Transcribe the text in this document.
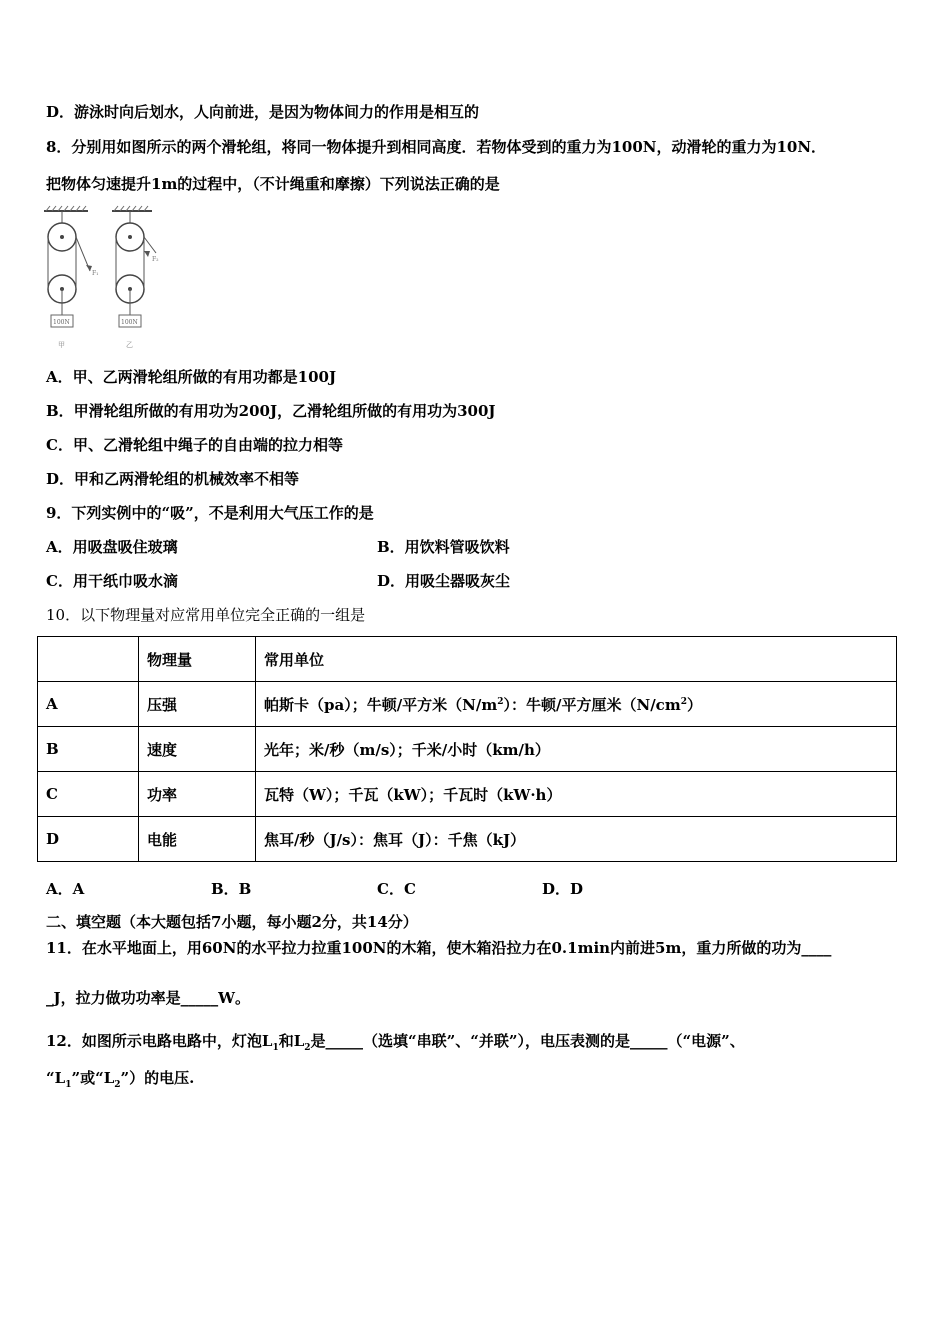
D．游泳时向后划水，人向前进，是因为物体间力的作用是相互的
8．分别用如图所示的两个滑轮组，将同一物体提升到相同高度．若物体受到的重力为100N，动滑轮的重力为10N．
把物体匀速提升1m的过程中，（不计绳重和摩擦）下列说法正确的是
F₁
100N
甲
F₂
100N
乙
A．甲、乙两滑轮组所做的有用功都是100J
B．甲滑轮组所做的有用功为200J，乙滑轮组所做的有用功为300J
C．甲、乙滑轮组中绳子的自由端的拉力相等
D．甲和乙两滑轮组的机械效率不相等
9．下列实例中的“吸”，不是利用大气压工作的是
A．用吸盘吸住玻璃	B．用饮料管吸饮料
C．用干纸巾吸水滴	D．用吸尘器吸灰尘
10．以下物理量对应常用单位完全正确的一组是
	物理量	常用单位
A	压强	帕斯卡（pa）；牛顿/平方米$(N/m^2)$：牛顿/平方厘米$(N/cm^2)$
B	速度	光年；米/秒（m/s）；千米/小时（km/h）
C	功率	瓦特（W）；千瓦（kW）；千瓦时（kW·h）
D	电能	焦耳/秒（J/s）：焦耳（J）：千焦（kJ）
A．A	B．B	C．C	D．D
二、填空题（本大题包括7小题，每小题2分，共14分）
11．在水平地面上，用60N的水平拉力拉重100N的木箱，使木箱沿拉力在0.1min内前进5m，重力所做的功为____
_J，拉力做功功率是_____W。
12．如图所示电路电路中，灯泡$L_1$和$L_2$是_____（选填“串联”、“并联”），电压表测的是_____（“电源”、
“$L_1$”或“$L_2$”）的电压.
